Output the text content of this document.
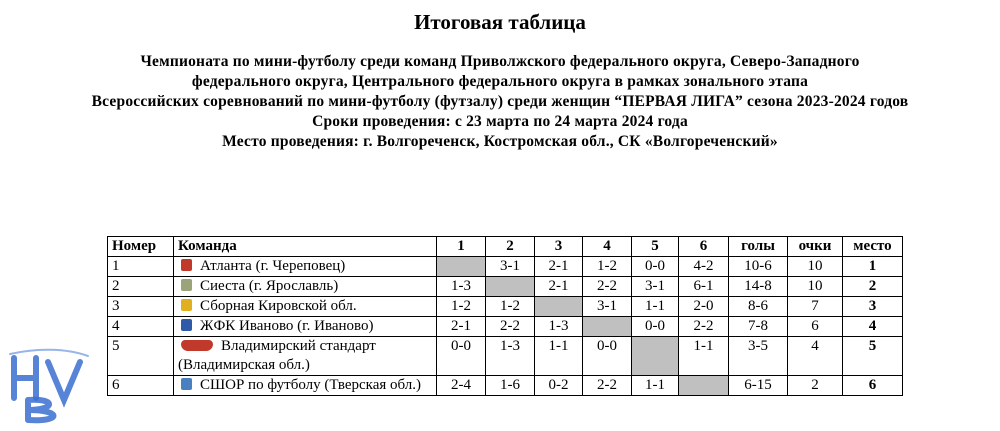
Итоговая таблица
Чемпионата по мини-футболу среди команд Приволжского федерального округа, Северо-Западного
федерального округа, Центрального федерального округа в рамках зонального этапа
Всероссийских соревнований по мини-футболу (футзалу) среди женщин “ПЕРВАЯ ЛИГА” сезона 2023-2024 годов
Сроки проведения: с 23 марта по 24 марта 2024 года
Место проведения: г. Волгореченск, Костромская обл., СК «Волгореченский»
Номер	Команда	1	2	3	4	5	6	голы	очки	место
1	Атланта (г. Череповец)		3-1	2-1	1-2	0-0	4-2	10-6	10	1
2	Сиеста (г. Ярославль)	1-3		2-1	2-2	3-1	6-1	14-8	10	2
3	Сборная Кировской обл.	1-2	1-2		3-1	1-1	2-0	8-6	7	3
4	ЖФК Иваново (г. Иваново)	2-1	2-2	1-3		0-0	2-2	7-8	6	4
5	Владимирский стандарт (Владимирская обл.)	0-0	1-3	1-1	0-0		1-1	3-5	4	5
6	СШОР по футболу (Тверская обл.)	2-4	1-6	0-2	2-2	1-1		6-15	2	6
